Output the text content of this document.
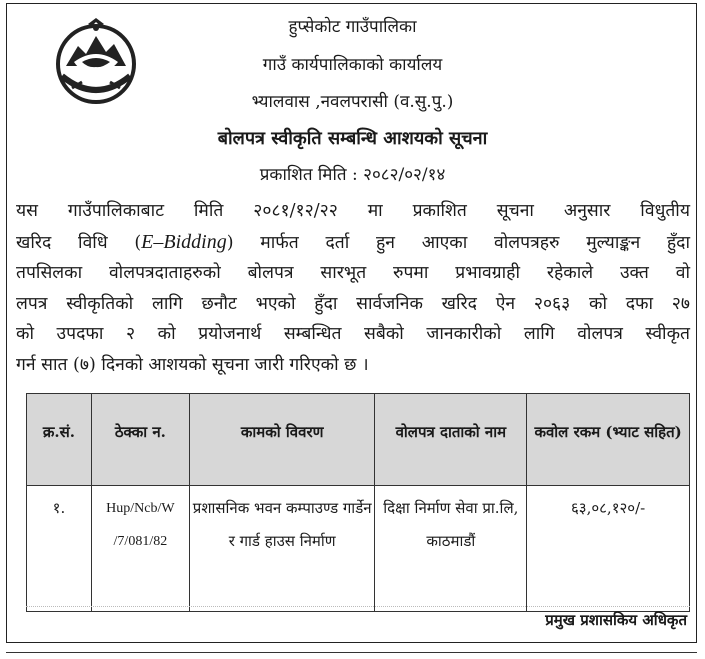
हुप्सेकोट गाउँपालिका
गाउँ कार्यपालिकाको कार्यालय
भ्यालवास ,नवलपरासी (व.सु.पु.)
बोलपत्र स्वीकृति सम्बन्धि आशयको सूचना
प्रकाशित मिति : २०८२/०२/१४
यस गाउँपालिकाबाट मिति २०८१/१२/२२ मा प्रकाशित सूचना अनुसार विधुतीय
खरिद विधि (E–Bidding) मार्फत दर्ता हुन आएका वोलपत्रहरु मुल्याङ्कन हुँदा
तपसिलका वोलपत्रदाताहरुको बोलपत्र सारभूत रुपमा प्रभावग्राही रहेकाले उक्त वो
लपत्र स्वीकृतिको लागि छनौट भएको हुँदा सार्वजनिक खरिद ऐन २०६३ को दफा २७
को उपदफा २ को प्रयोजनार्थ सम्बन्धित सबैको जानकारीको लागि वोलपत्र स्वीकृत
गर्न सात (७) दिनको आशयको सूचना जारी गरिएको छ ।
क्र.सं.	ठेक्का न.	कामको विवरण	वोलपत्र दाताको नाम	कवोल रकम (भ्याट सहित)
१.	Hup/Ncb/W /7/081/82	प्रशासनिक भवन कम्पाउण्ड गार्डेन र गार्ड हाउस निर्माण	दिक्षा निर्माण सेवा प्रा.लि, काठमाडौं	६३,०८,१२०/-
प्रमुख प्रशासकिय अधिकृत
